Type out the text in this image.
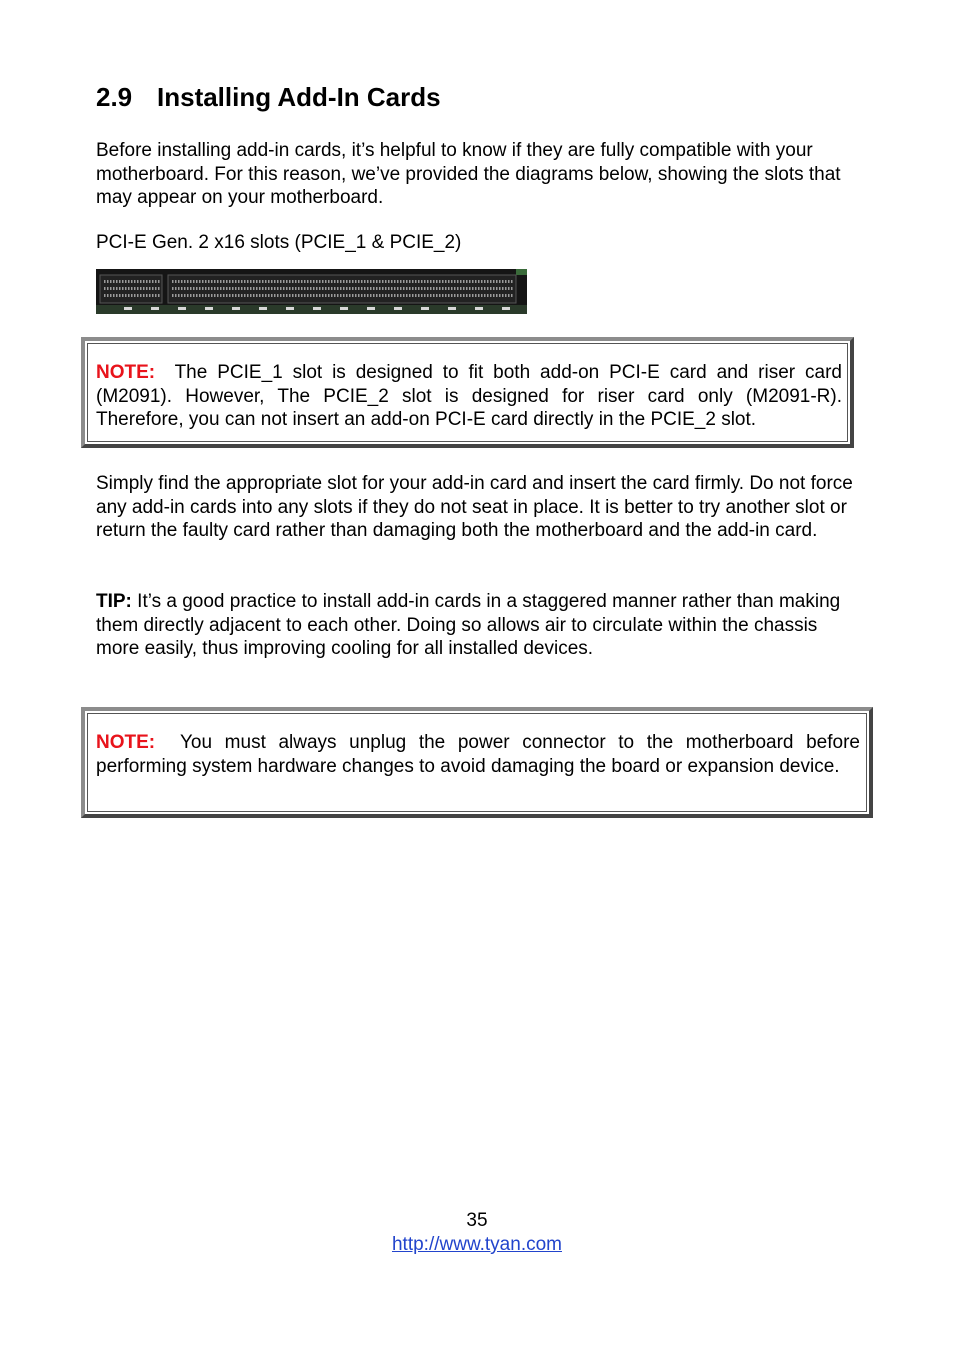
2.9 Installing Add-In Cards

Before installing add-in cards, it’s helpful to know if they are fully compatible with your motherboard. For this reason, we’ve provided the diagrams below, showing the slots that may appear on your motherboard.

PCI-E Gen. 2 x16 slots (PCIE_1 & PCIE_2)

NOTE: The PCIE_1 slot is designed to fit both add-on PCI-E card and riser card (M2091). However, The PCIE_2 slot is designed for riser card only (M2091-R). Therefore, you can not insert an add-on PCI-E card directly in the PCIE_2 slot.

Simply find the appropriate slot for your add-in card and insert the card firmly. Do not force any add-in cards into any slots if they do not seat in place. It is better to try another slot or return the faulty card rather than damaging both the motherboard and the add-in card.

TIP: It’s a good practice to install add-in cards in a staggered manner rather than making them directly adjacent to each other. Doing so allows air to circulate within the chassis more easily, thus improving cooling for all installed devices.

NOTE: You must always unplug the power connector to the motherboard before performing system hardware changes to avoid damaging the board or expansion device.

35
http://www.tyan.com
